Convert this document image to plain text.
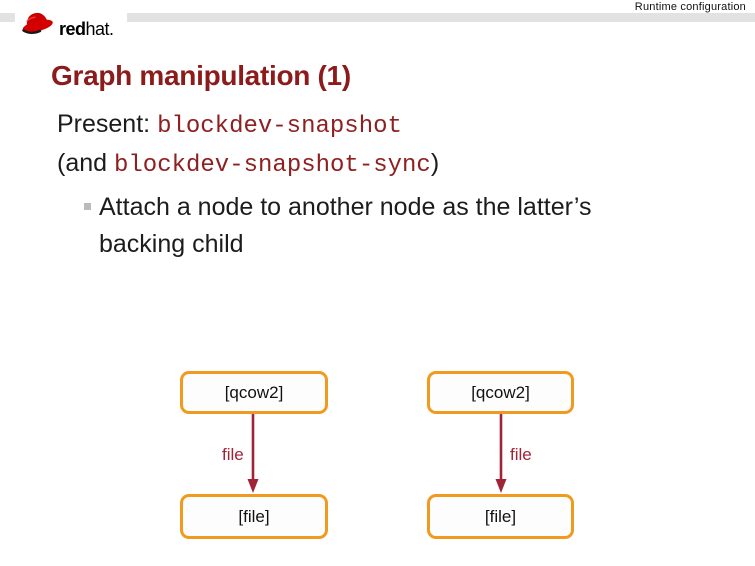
Runtime configuration
redhat.
Graph manipulation (1)
Present: blockdev-snapshot
(and blockdev-snapshot-sync)
Attach a node to another node as the latter’s backing child
[qcow2]
file
[file]
[qcow2]
file
[file]
